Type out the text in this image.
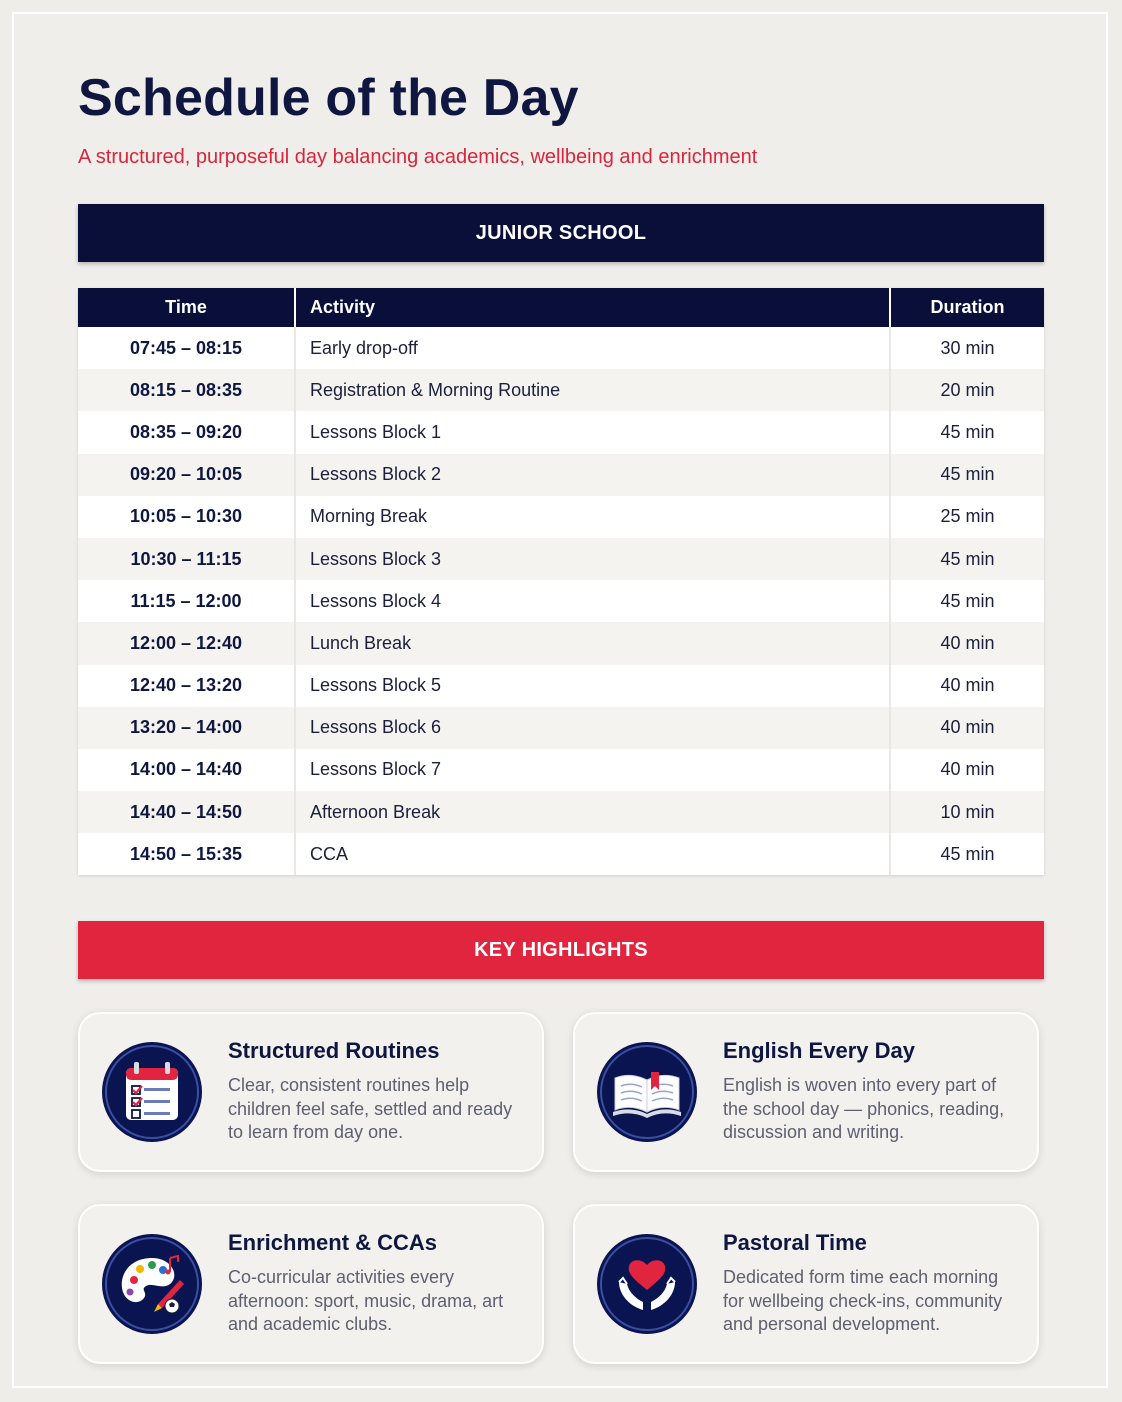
Schedule of the Day

A structured, purposeful day balancing academics, wellbeing and enrichment

JUNIOR SCHOOL
Time	Activity	Duration
07:45 – 08:15	Early drop-off	30 min
08:15 – 08:35	Registration & Morning Routine	20 min
08:35 – 09:20	Lessons Block 1	45 min
09:20 – 10:05	Lessons Block 2	45 min
10:05 – 10:30	Morning Break	25 min
10:30 – 11:15	Lessons Block 3	45 min
11:15 – 12:00	Lessons Block 4	45 min
12:00 – 12:40	Lunch Break	40 min
12:40 – 13:20	Lessons Block 5	40 min
13:20 – 14:00	Lessons Block 6	40 min
14:00 – 14:40	Lessons Block 7	40 min
14:40 – 14:50	Afternoon Break	10 min
14:50 – 15:35	CCA	45 min
KEY HIGHLIGHTS
Structured Routines

Clear, consistent routines help children feel safe, settled and ready to learn from day one.

English Every Day

English is woven into every part of the school day — phonics, reading, discussion and writing.

Enrichment & CCAs

Co-curricular activities every afternoon: sport, music, drama, art and academic clubs.

Pastoral Time

Dedicated form time each morning for wellbeing check-ins, community and personal development.
